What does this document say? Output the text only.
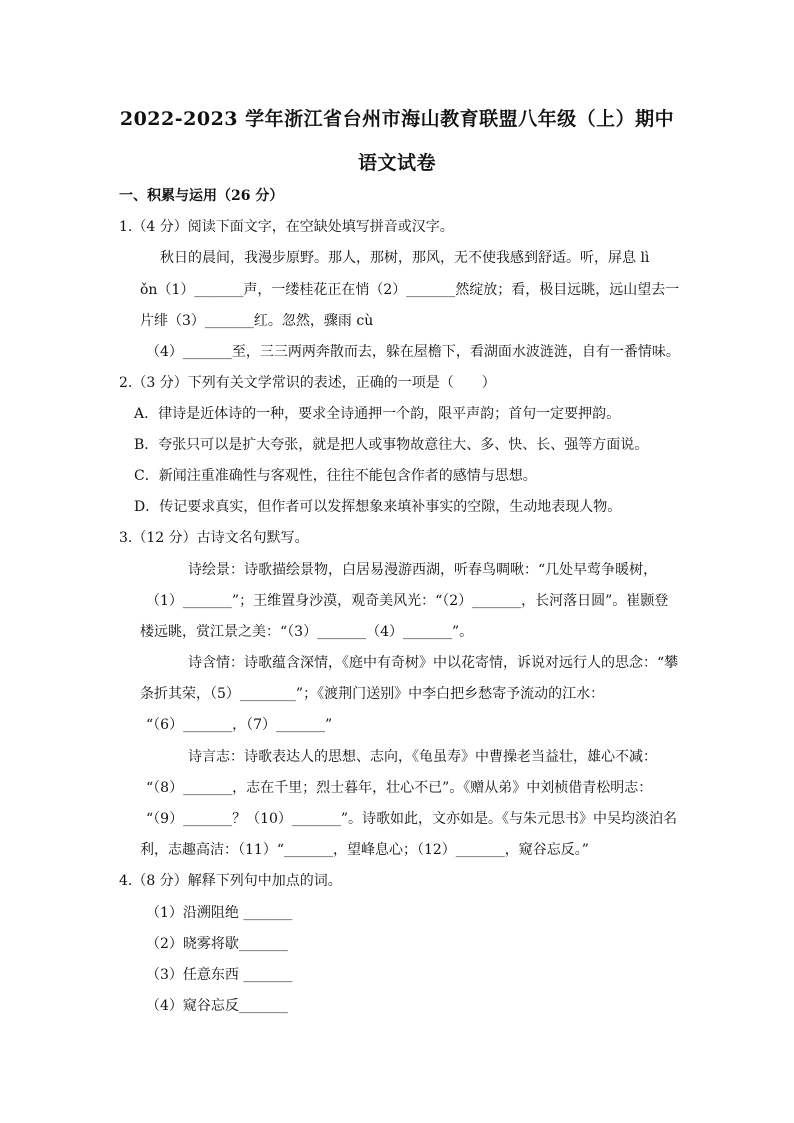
2022-2023 学年浙江省台州市海山教育联盟八年级（上）期中
语文试卷
一、积累与运用（26 分）
1.（4 分）阅读下面文字，在空缺处填写拼音或汉字。
秋日的晨间，我漫步原野。那人，那树，那风，无不使我感到舒适。听，屏息 lì
ǒn（1）_______声，一缕桂花正在悄（2）_______然绽放；看，极目远眺，远山望去一
片绯（3）_______红。忽然，骤雨 cù
（4）_______至，三三两两奔散而去，躲在屋檐下，看湖面水波涟涟，自有一番情味。
2.（3 分）下列有关文学常识的表述，正确的一项是（　　）
A．律诗是近体诗的一种，要求全诗通押一个韵，限平声韵；首句一定要押韵。
B．夸张只可以是扩大夸张，就是把人或事物故意往大、多、快、长、强等方面说。
C．新闻注重准确性与客观性，往往不能包含作者的感情与思想。
D．传记要求真实，但作者可以发挥想象来填补事实的空隙，生动地表现人物。
3.（12 分）古诗文名句默写。
诗绘景：诗歌描绘景物，白居易漫游西湖，听春鸟啁啾：“几处早莺争暖树，
（1）_______”；王维置身沙漠，观奇美风光：“（2）_______，长河落日圆”。崔颢登
楼远眺，赏江景之美：“（3）_______（4）_______”。
诗含情：诗歌蕴含深情，《庭中有奇树》中以花寄情，诉说对远行人的思念：“攀
条折其荣，（5）________”；《渡荆门送别》中李白把乡愁寄予流动的江水：
“（6）_______，（7）_______”
诗言志：诗歌表达人的思想、志向，《龟虽寿》中曹操老当益壮，雄心不减：
“（8）_______，志在千里；烈士暮年，壮心不已”。《赠从弟》中刘桢借青松明志：
“（9）_______？（10）_______”。诗歌如此，文亦如是。《与朱元思书》中吴均淡泊名
利，志趣高洁：（11）“_______，望峰息心；（12）_______，窥谷忘反。”
4.（8 分）解释下列句中加点的词。
（1）沿溯阻绝 _______
（2）晓雾将歇_______
（3）任意东西 _______
（4）窥谷忘反_______
